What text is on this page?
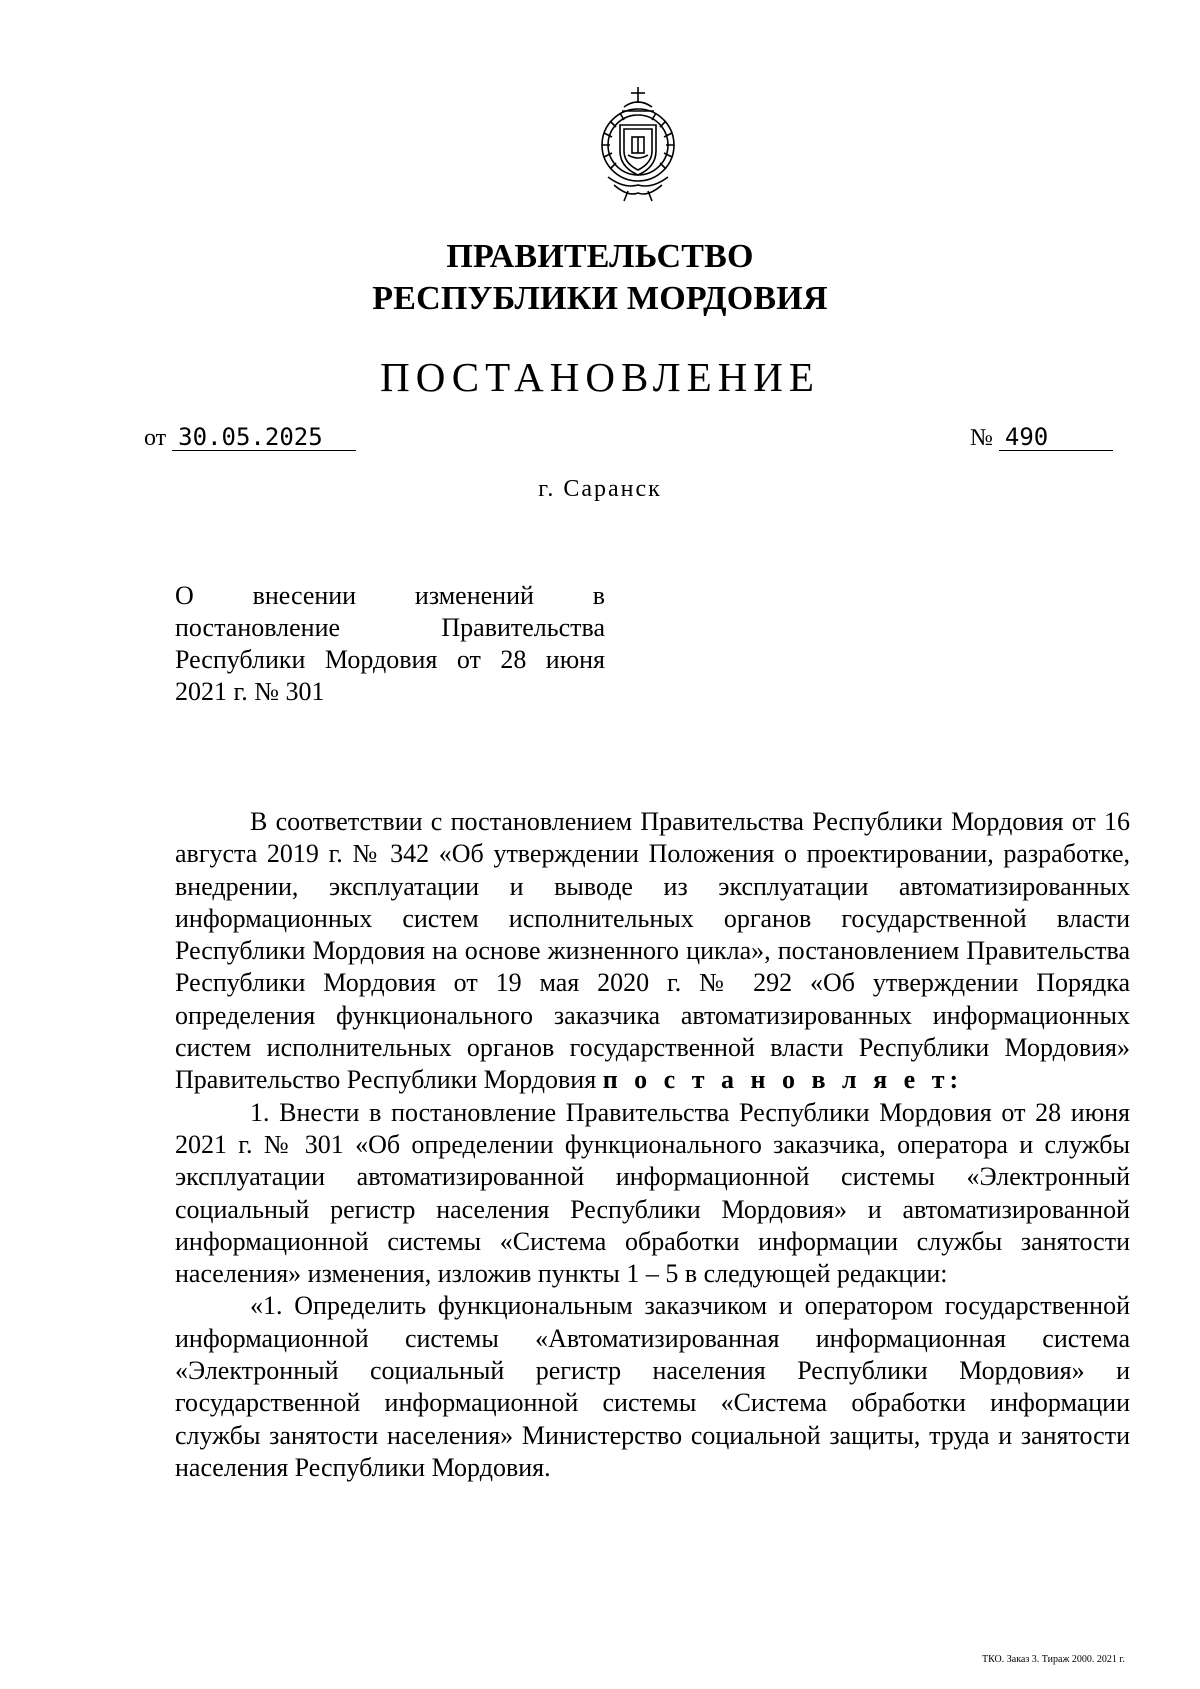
ПРАВИТЕЛЬСТВО
РЕСПУБЛИКИ МОРДОВИЯ
ПОСТАНОВЛЕНИЕ
от 30.05.2025	№ 490
г. Саранск
О внесении изменений в постановление Правительства Республики Мордовия от 28 июня 2021 г. № 301

В соответствии с постановлением Правительства Республики Мордовия от 16 августа 2019 г. № 342 «Об утверждении Положения о проектировании, разработке, внедрении, эксплуатации и выводе из эксплуатации автоматизированных информационных систем исполнительных органов государственной власти Республики Мордовия на основе жизненного цикла», постановлением Правительства Республики Мордовия от 19 мая 2020 г. № 292 «Об утверждении Порядка определения функционального заказчика автоматизированных информационных систем исполнительных органов государственной власти Республики Мордовия» Правительство Республики Мордовия п о с т а н о в л я е т:

1. Внести в постановление Правительства Республики Мордовия от 28 июня 2021 г. № 301 «Об определении функционального заказчика, оператора и службы эксплуатации автоматизированной информационной системы «Электронный социальный регистр населения Республики Мордовия» и автоматизированной информационной системы «Система обработки информации службы занятости населения» изменения, изложив пункты 1 – 5 в следующей редакции:

«1. Определить функциональным заказчиком и оператором государственной информационной системы «Автоматизированная информационная система «Электронный социальный регистр населения Республики Мордовия» и государственной информационной системы «Система обработки информации службы занятости населения» Министерство социальной защиты, труда и занятости населения Республики Мордовия.

ТКО. Заказ 3. Тираж 2000. 2021 г.
